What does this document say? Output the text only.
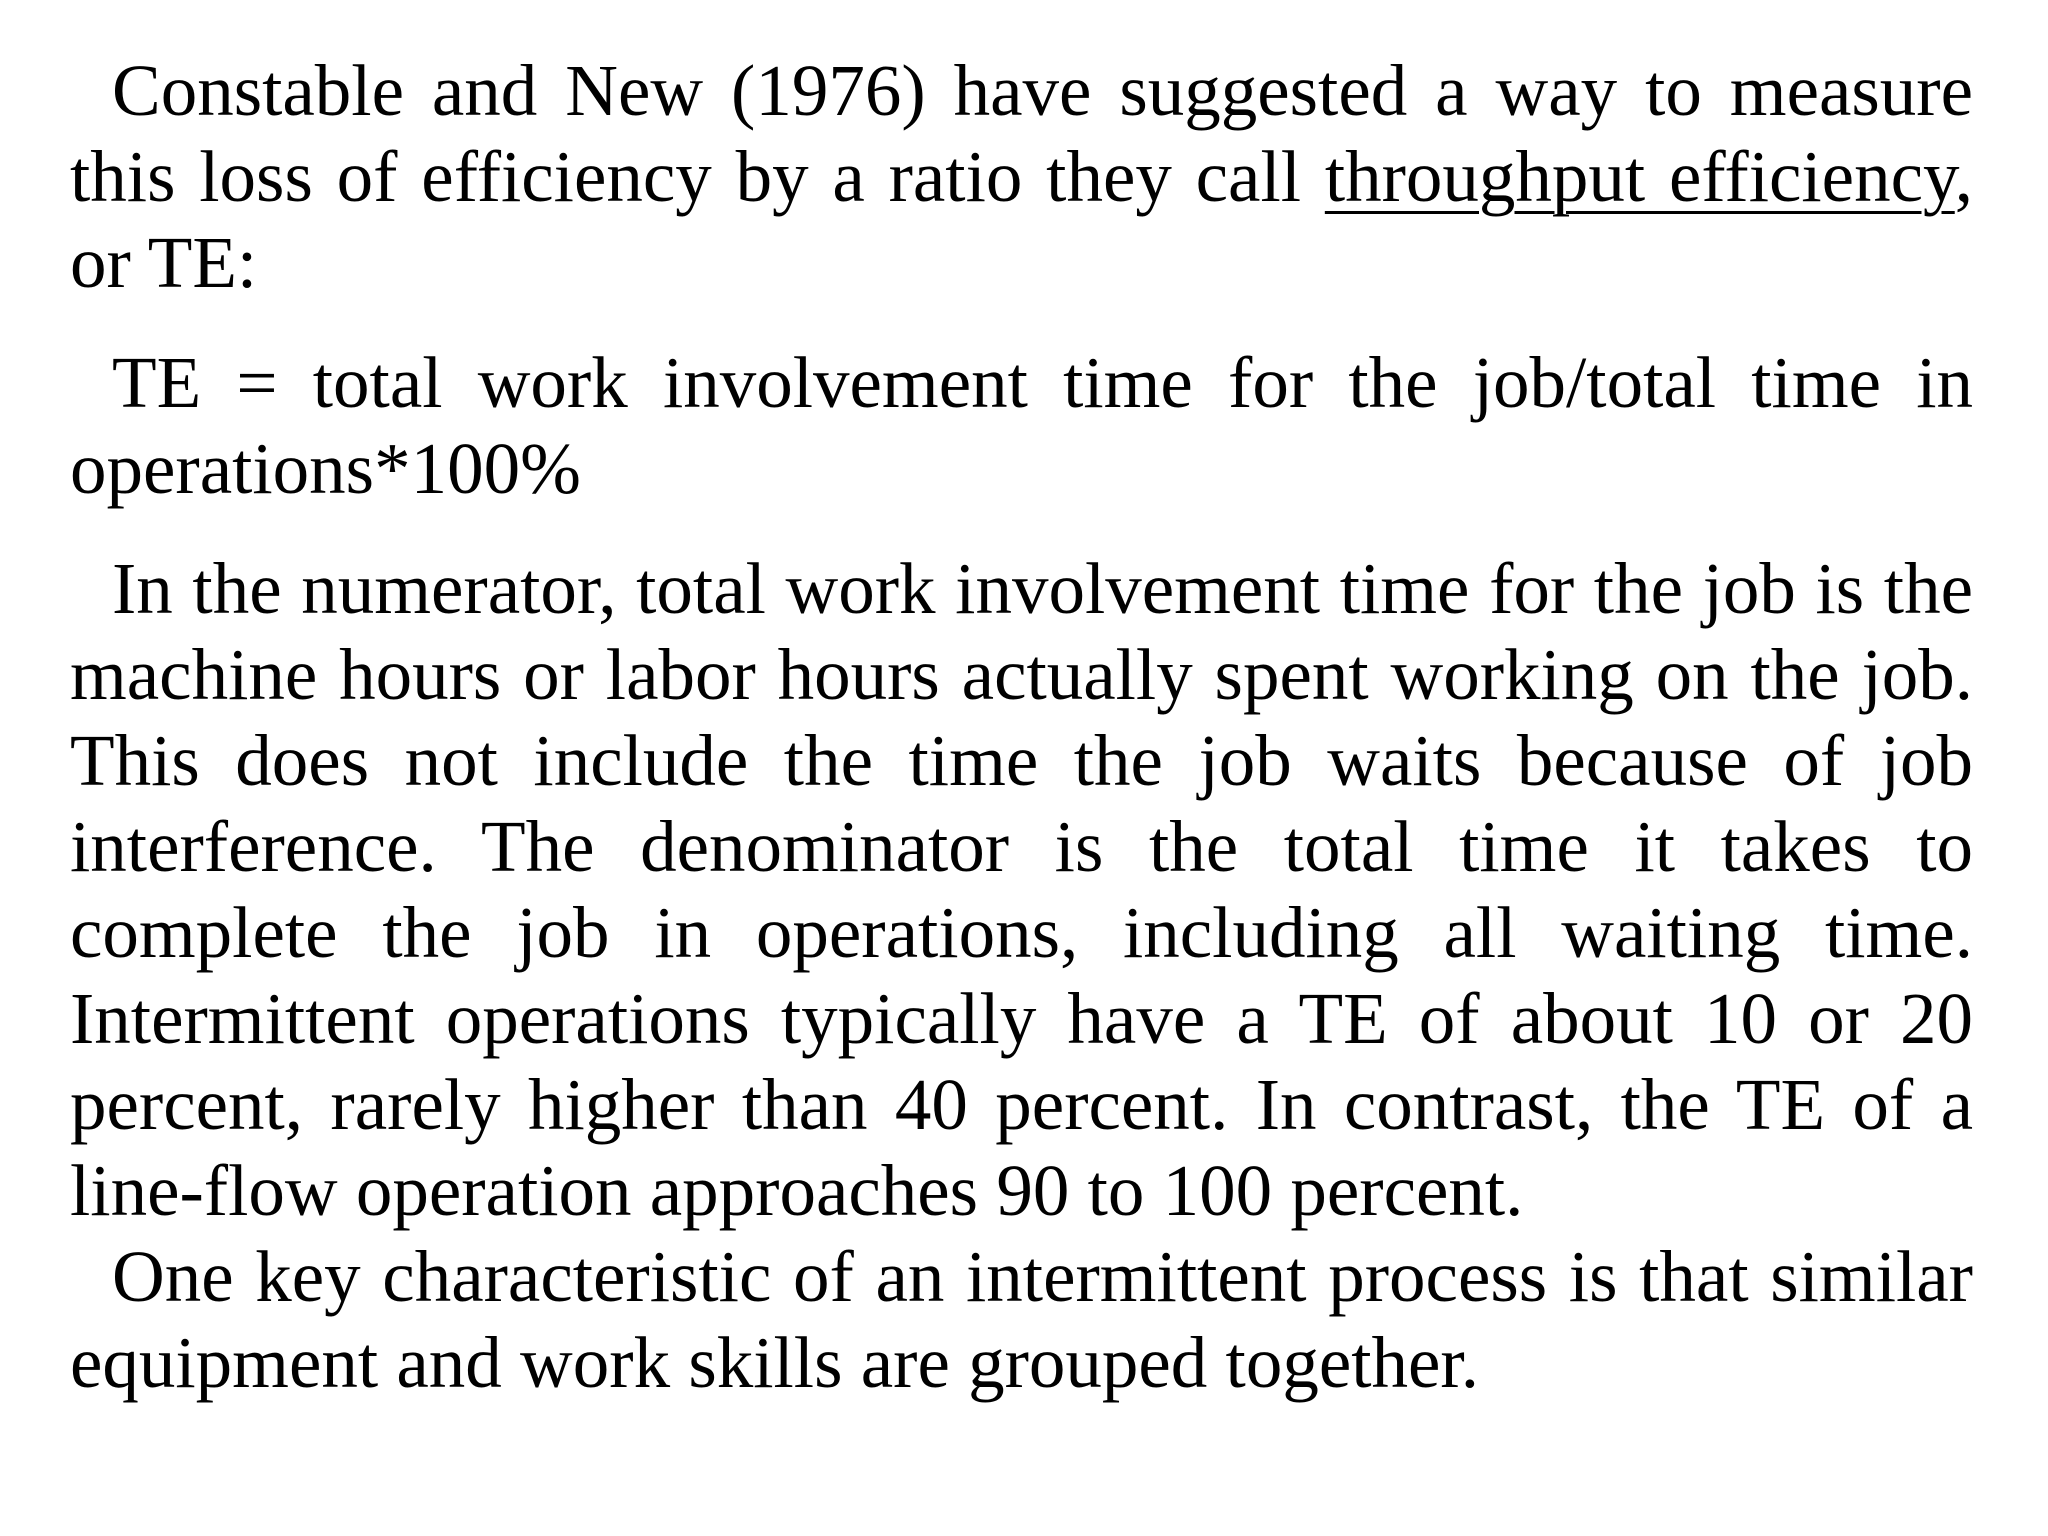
Constable and New (1976) have suggested a way to measure this loss of efficiency by a ratio they call throughput efficiency, or TE:

TE = total work involvement time for the job/total time in operations*100%

In the numerator, total work involvement time for the job is the machine hours or labor hours actually spent working on the job. This does not include the time the job waits because of job interference. The denominator is the total time it takes to complete the job in operations, including all waiting time. Intermittent operations typically have a TE of about 10 or 20 percent, rarely higher than 40 percent. In contrast, the TE of a line-flow operation approaches 90 to 100 percent.

One key characteristic of an intermittent process is that similar equipment and work skills are grouped together.
